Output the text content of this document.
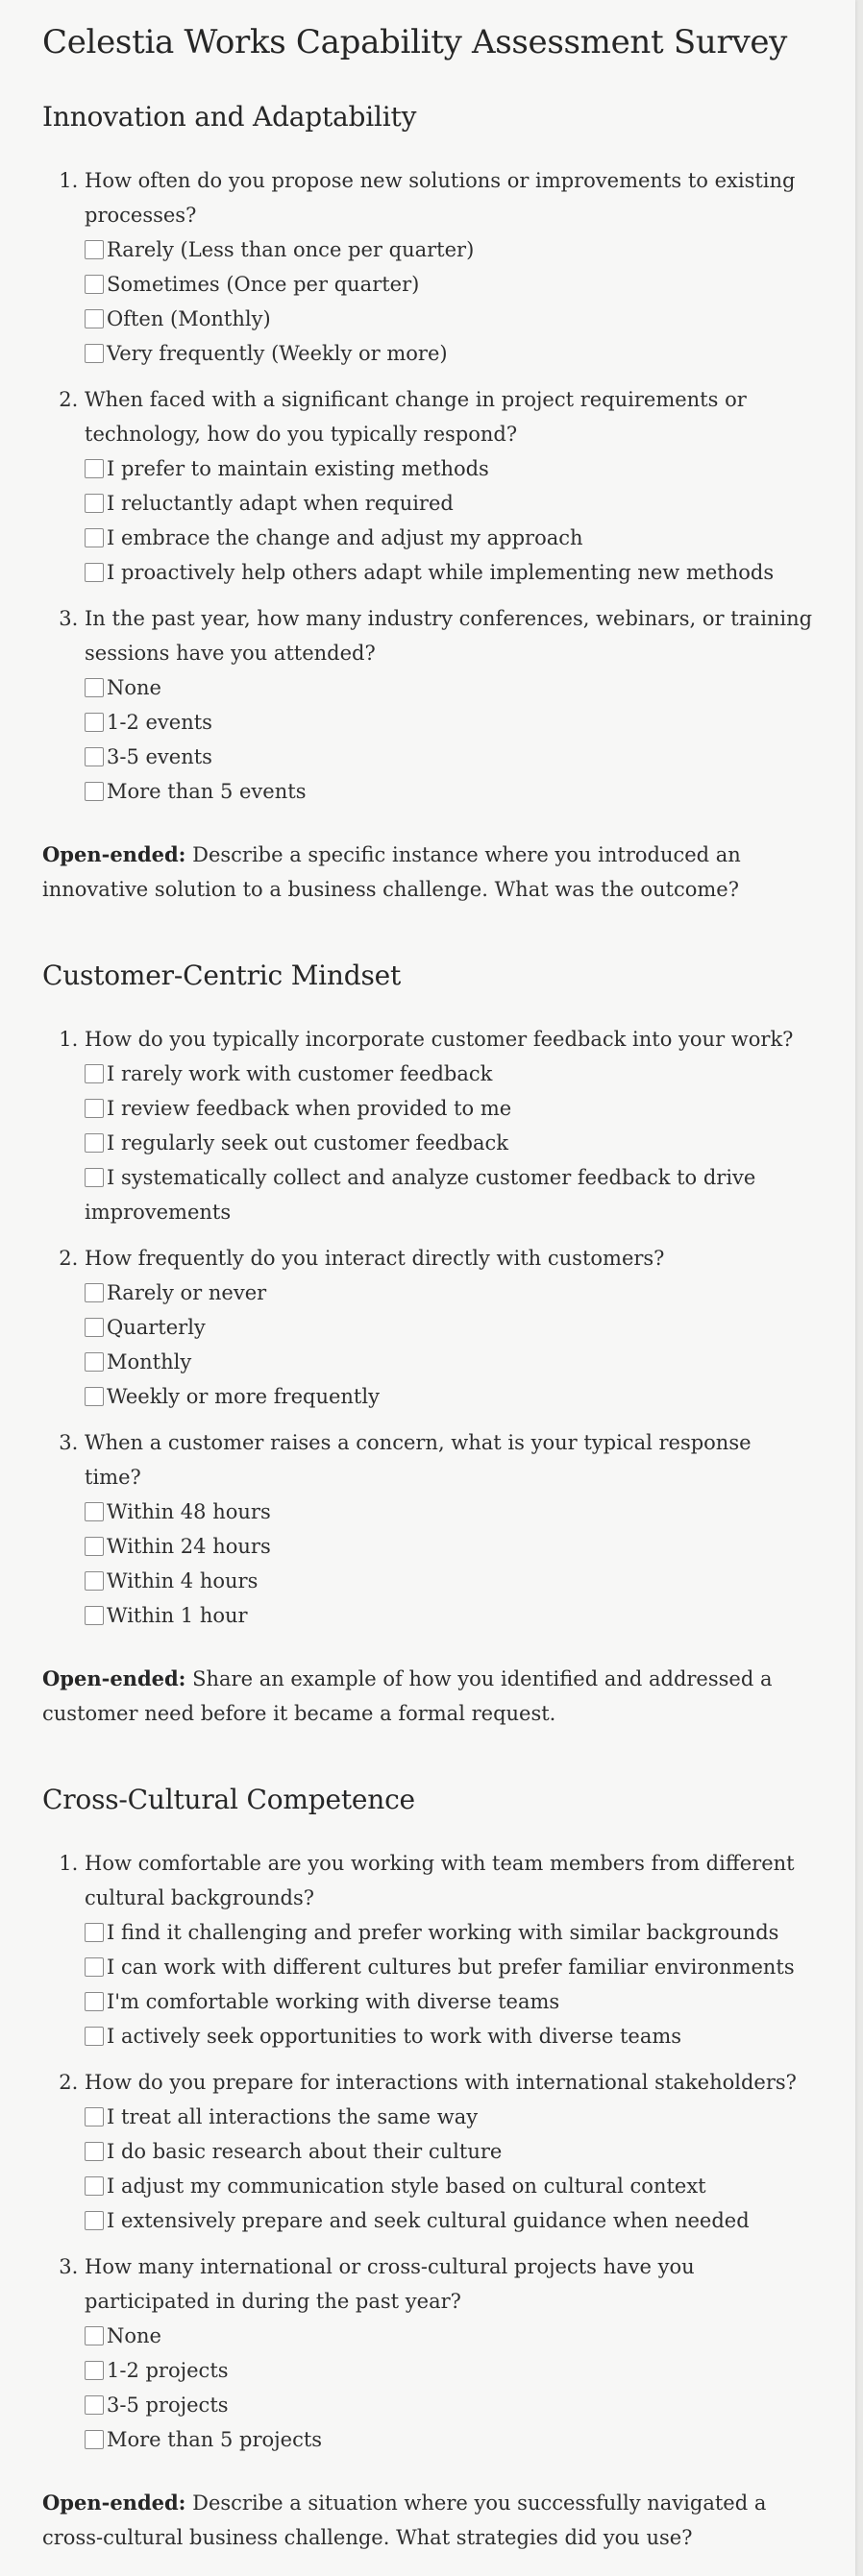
Celestia Works Capability Assessment Survey
Innovation and Adaptability
1. How often do you propose new solutions or improvements to existing processes?
Rarely (Less than once per quarter)
Sometimes (Once per quarter)
Often (Monthly)
Very frequently (Weekly or more)
2. When faced with a significant change in project requirements or technology, how do you typically respond?
I prefer to maintain existing methods
I reluctantly adapt when required
I embrace the change and adjust my approach
I proactively help others adapt while implementing new methods
3. In the past year, how many industry conferences, webinars, or training sessions have you attended?
None
1-2 events
3-5 events
More than 5 events

Open-ended: Describe a specific instance where you introduced an innovative solution to a business challenge. What was the outcome?

Customer-Centric Mindset
1. How do you typically incorporate customer feedback into your work?
I rarely work with customer feedback
I review feedback when provided to me
I regularly seek out customer feedback
I systematically collect and analyze customer feedback to drive improvements
2. How frequently do you interact directly with customers?
Rarely or never
Quarterly
Monthly
Weekly or more frequently
3. When a customer raises a concern, what is your typical response time?
Within 48 hours
Within 24 hours
Within 4 hours
Within 1 hour

Open-ended: Share an example of how you identified and addressed a customer need before it became a formal request.

Cross-Cultural Competence
1. How comfortable are you working with team members from different cultural backgrounds?
I find it challenging and prefer working with similar backgrounds
I can work with different cultures but prefer familiar environments
I'm comfortable working with diverse teams
I actively seek opportunities to work with diverse teams
2. How do you prepare for interactions with international stakeholders?
I treat all interactions the same way
I do basic research about their culture
I adjust my communication style based on cultural context
I extensively prepare and seek cultural guidance when needed
3. How many international or cross-cultural projects have you participated in during the past year?
None
1-2 projects
3-5 projects
More than 5 projects

Open-ended: Describe a situation where you successfully navigated a cross-cultural business challenge. What strategies did you use?
